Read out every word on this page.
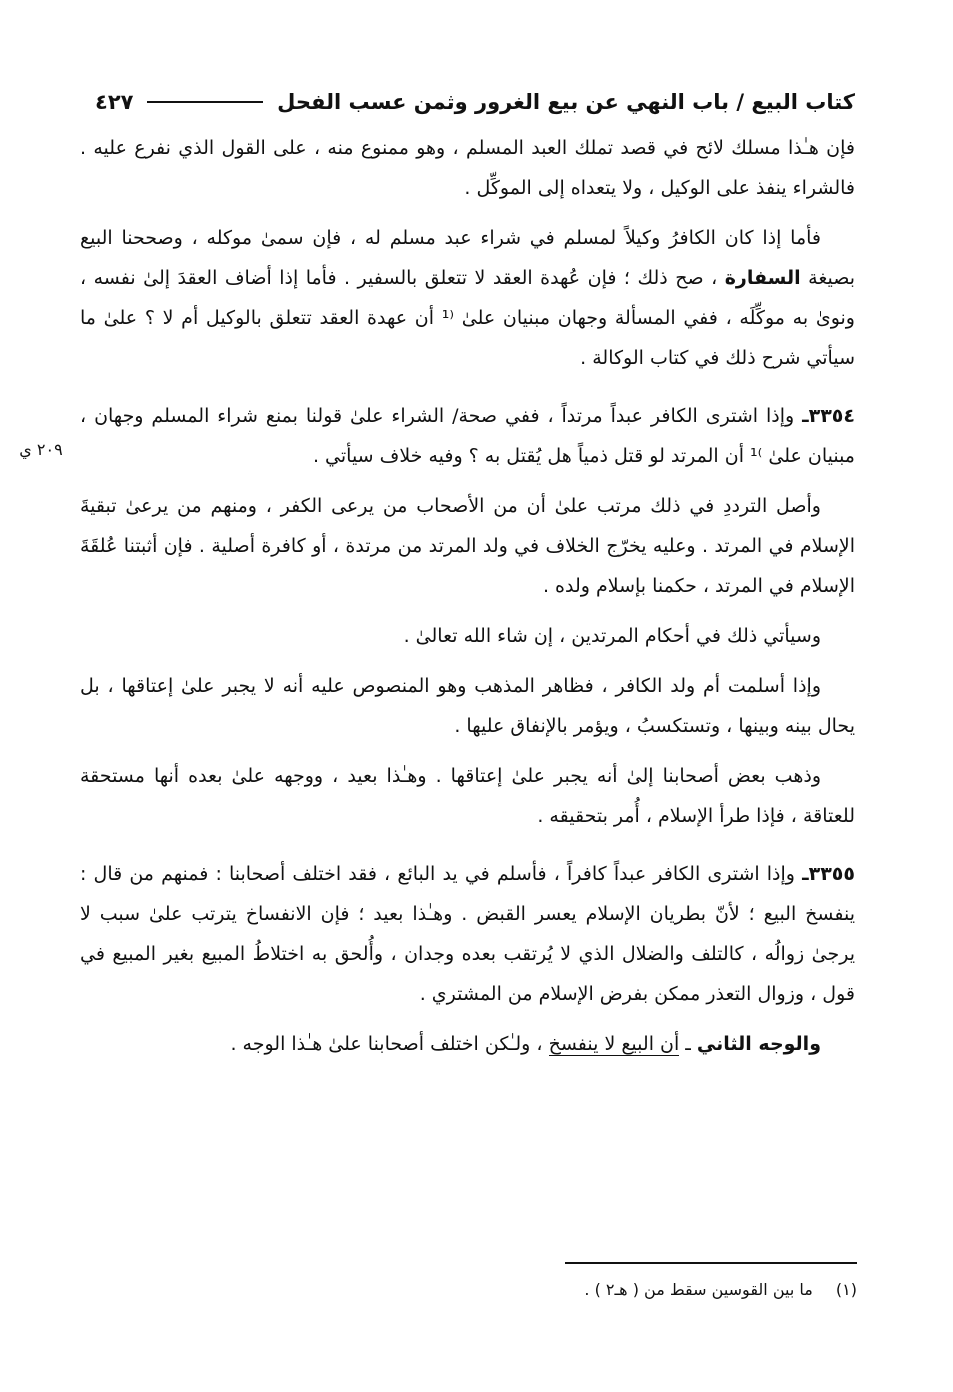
كتاب البيع / باب النهي عن بيع الغرور وثمن عسب الفحل
٤٢٧
٢٠٩ ي

فإن هـٰذا مسلك لائح في قصد تملك العبد المسلم ، وهو ممنوع منه ، على القول الذي نفرع عليه . فالشراء ينفذ على الوكيل ، ولا يتعداه إلى الموكِّل .

فأما إذا كان الكافرُ وكيلاً لمسلم في شراء عبد مسلم له ، فإن سمىٰ موكله ، وصححنا البيع بصيغة السفارة ، صح ذلك ؛ فإن عُهدة العقد لا تتعلق بالسفير . فأما إذا أضاف العقدَ إلىٰ نفسه ، ونوىٰ به موكِّلَه ، ففي المسألة وجهان مبنيان علىٰ ⁽¹ أن عهدة العقد تتعلق بالوكيل أم لا ؟ علىٰ ما سيأتي شرح ذلك في كتاب الوكالة .

٣٣٥٤ـ وإذا اشترى الكافر عبداً مرتداً ، ففي صحة/ الشراء علىٰ قولنا بمنع شراء المسلم وجهان ، مبنيان علىٰ ⁾¹ أن المرتد لو قتل ذمياً هل يُقتل به ؟ وفيه خلاف سيأتي .

وأصل الترددِ في ذلك مرتب علىٰ أن من الأصحاب من يرعى الكفر ، ومنهم من يرعىٰ تبقيةَ الإسلام في المرتد . وعليه يخرّج الخلاف في ولد المرتد من مرتدة ، أو كافرة أصلية . فإن أثبتنا عُلقَةَ الإسلام في المرتد ، حكمنا بإسلام ولده .

وسيأتي ذلك في أحكام المرتدين ، إن شاء الله تعالىٰ .

وإذا أسلمت أم ولد الكافر ، فظاهر المذهب وهو المنصوص عليه أنه لا يجبر علىٰ إعتاقها ، بل يحال بينه وبينها ، وتستكسبُ ، ويؤمر بالإنفاق عليها .

وذهب بعض أصحابنا إلىٰ أنه يجبر علىٰ إعتاقها . وهـٰذا بعيد ، ووجهه علىٰ بعده أنها مستحقة للعتاقة ، فإذا طرأ الإسلام ، أُمر بتحقيقه .

٣٣٥٥ـ وإذا اشترى الكافر عبداً كافراً ، فأسلم في يد البائع ، فقد اختلف أصحابنا : فمنهم من قال : ينفسخ البيع ؛ لأنّ بطريان الإسلام يعسر القبض . وهـٰذا بعيد ؛ فإن الانفساخ يترتب علىٰ سبب لا يرجىٰ زوالُه ، كالتلف والضلال الذي لا يُرتقب بعده وجدان ، وأُلحق به اختلاطُ المبيع بغير المبيع في قول ، وزوال التعذر ممكن بفرض الإسلام من المشتري .

والوجه الثاني ـ أن البيع لا ينفسخ ، ولـٰكن اختلف أصحابنا علىٰ هـٰذا الوجه .

(١) ما بين القوسين سقط من ( هـ٢ ) .
